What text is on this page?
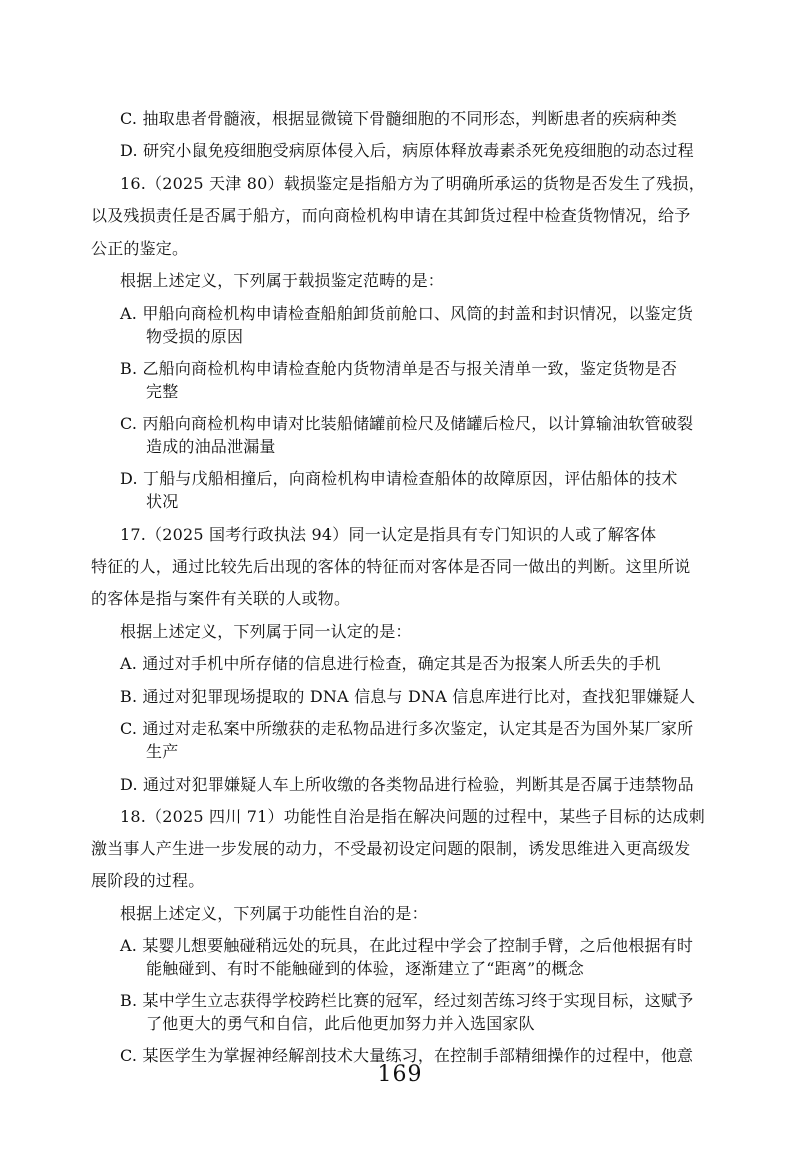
C. 抽取患者骨髓液，根据显微镜下骨髓细胞的不同形态，判断患者的疾病种类
D. 研究小鼠免疫细胞受病原体侵入后，病原体释放毒素杀死免疫细胞的动态过程
16.（2025 天津 80）载损鉴定是指船方为了明确所承运的货物是否发生了残损，
以及残损责任是否属于船方，而向商检机构申请在其卸货过程中检查货物情况，给予
公正的鉴定。
根据上述定义，下列属于载损鉴定范畴的是：
A. 甲船向商检机构申请检查船舶卸货前舱口、风筒的封盖和封识情况，以鉴定货
物受损的原因
B. 乙船向商检机构申请检查舱内货物清单是否与报关清单一致，鉴定货物是否
完整
C. 丙船向商检机构申请对比装船储罐前检尺及储罐后检尺，以计算输油软管破裂
造成的油品泄漏量
D. 丁船与戊船相撞后，向商检机构申请检查船体的故障原因，评估船体的技术
状况
17.（2025 国考行政执法 94）同一认定是指具有专门知识的人或了解客体
特征的人，通过比较先后出现的客体的特征而对客体是否同一做出的判断。这里所说
的客体是指与案件有关联的人或物。
根据上述定义，下列属于同一认定的是：
A. 通过对手机中所存储的信息进行检查，确定其是否为报案人所丢失的手机
B. 通过对犯罪现场提取的 DNA 信息与 DNA 信息库进行比对，查找犯罪嫌疑人
C. 通过对走私案中所缴获的走私物品进行多次鉴定，认定其是否为国外某厂家所
生产
D. 通过对犯罪嫌疑人车上所收缴的各类物品进行检验，判断其是否属于违禁物品
18.（2025 四川 71）功能性自治是指在解决问题的过程中，某些子目标的达成刺
激当事人产生进一步发展的动力，不受最初设定问题的限制，诱发思维进入更高级发
展阶段的过程。
根据上述定义，下列属于功能性自治的是：
A. 某婴儿想要触碰稍远处的玩具，在此过程中学会了控制手臂，之后他根据有时
能触碰到、有时不能触碰到的体验，逐渐建立了“距离”的概念
B. 某中学生立志获得学校跨栏比赛的冠军，经过刻苦练习终于实现目标，这赋予
了他更大的勇气和自信，此后他更加努力并入选国家队
C. 某医学生为掌握神经解剖技术大量练习，在控制手部精细操作的过程中，他意
169
